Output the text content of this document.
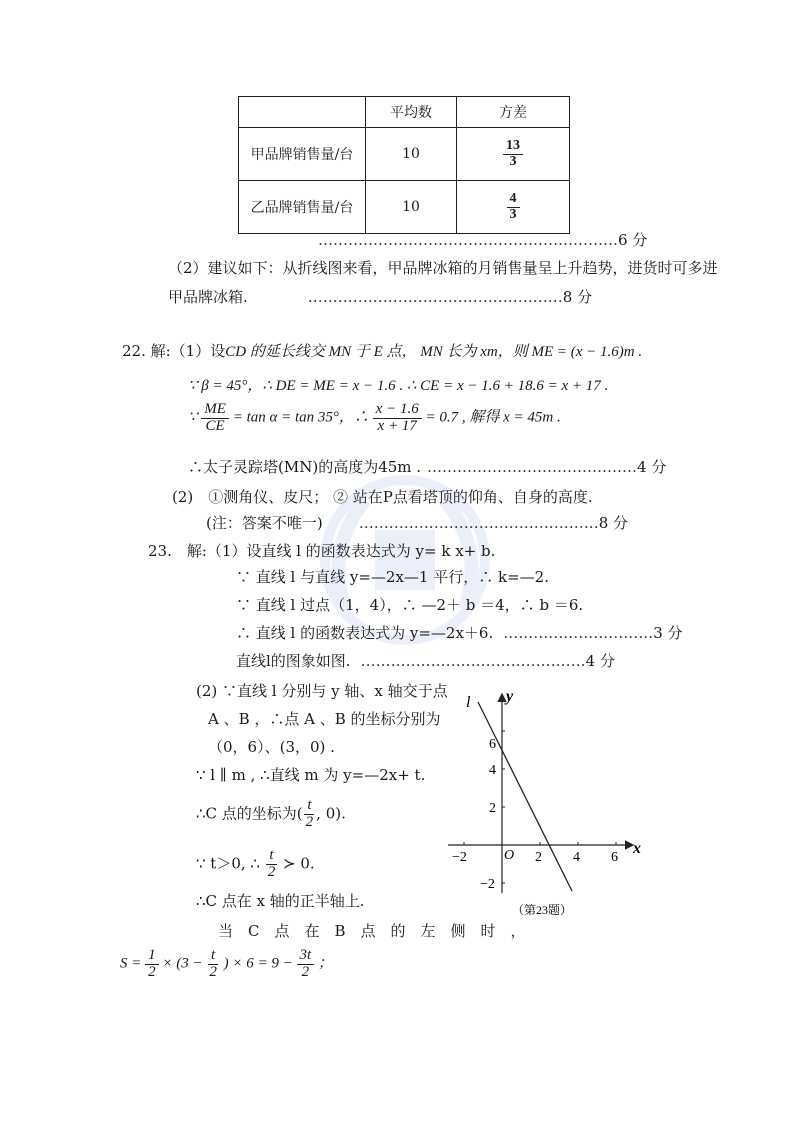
	平均数	方差
甲品牌销售量/台	10	$\frac{13}{3}$

乙品牌销售量/台	10	$\frac{4}{3}$
……………………………………………………6 分
（2）建议如下：从折线图来看，甲品牌冰箱的月销售量呈上升趋势，进货时可多进
甲品牌冰箱.	……………………………………………8 分
22. 解:（1）设CD 的延长线交 MN 于 E 点， MN 长为 xm，则 ME = (x − 1.6)m .
∵ β = 45°，∴ DE = ME = x − 1.6 . ∴ CE = x − 1.6 + 18.6 = x + 17 .
∵ $\frac{ME}{CE} = \tan \alpha = \tan 35^\circ$，∴ $\frac{x - 1.6}{x + 17} = 0.7$ , 解得 x = 45m .
∴太子灵踪塔(MN)的高度为45m . ……………………………………4 分
(2)　①测角仪、皮尺； ② 站在P点看塔顶的仰角、自身的高度.
(注：答案不唯一) …………………………………………8 分
23.　解:（1）设直线 l 的函数表达式为 y= k x+ b.
∵ 直线 l 与直线 y=—2x—1 平行，∴ k=—2.
∵ 直线 l 过点（1，4），∴ —2＋ b ＝4，∴ b ＝6.
∴ 直线 l 的函数表达式为 y=—2x＋6. …………………………3 分
直线l的图象如图. ………………………………………4 分
(2) ∵直线 l 分别与 y 轴、x 轴交于点
A 、B ，∴点 A 、B 的坐标分别为
（0，6）、(3，0) .
∵ l ∥ m , ∴直线 m 为 y=—2x+ t.
∴C 点的坐标为( $\frac{t}{2}$ , 0).
∵ t＞0, ∴ $\frac{t}{2}$ ≻ 0.
∴C 点在 x 轴的正半轴上.
当　C　点　在　B　点　的　左　侧　时　，
$S = \frac{1}{2} \times (3 - \frac{t}{2}$ ) × $6 = 9 - \frac{3t}{2}$ ；
l y
x
O
−2	2 4 6
6
4
2
−2
（第23题）
